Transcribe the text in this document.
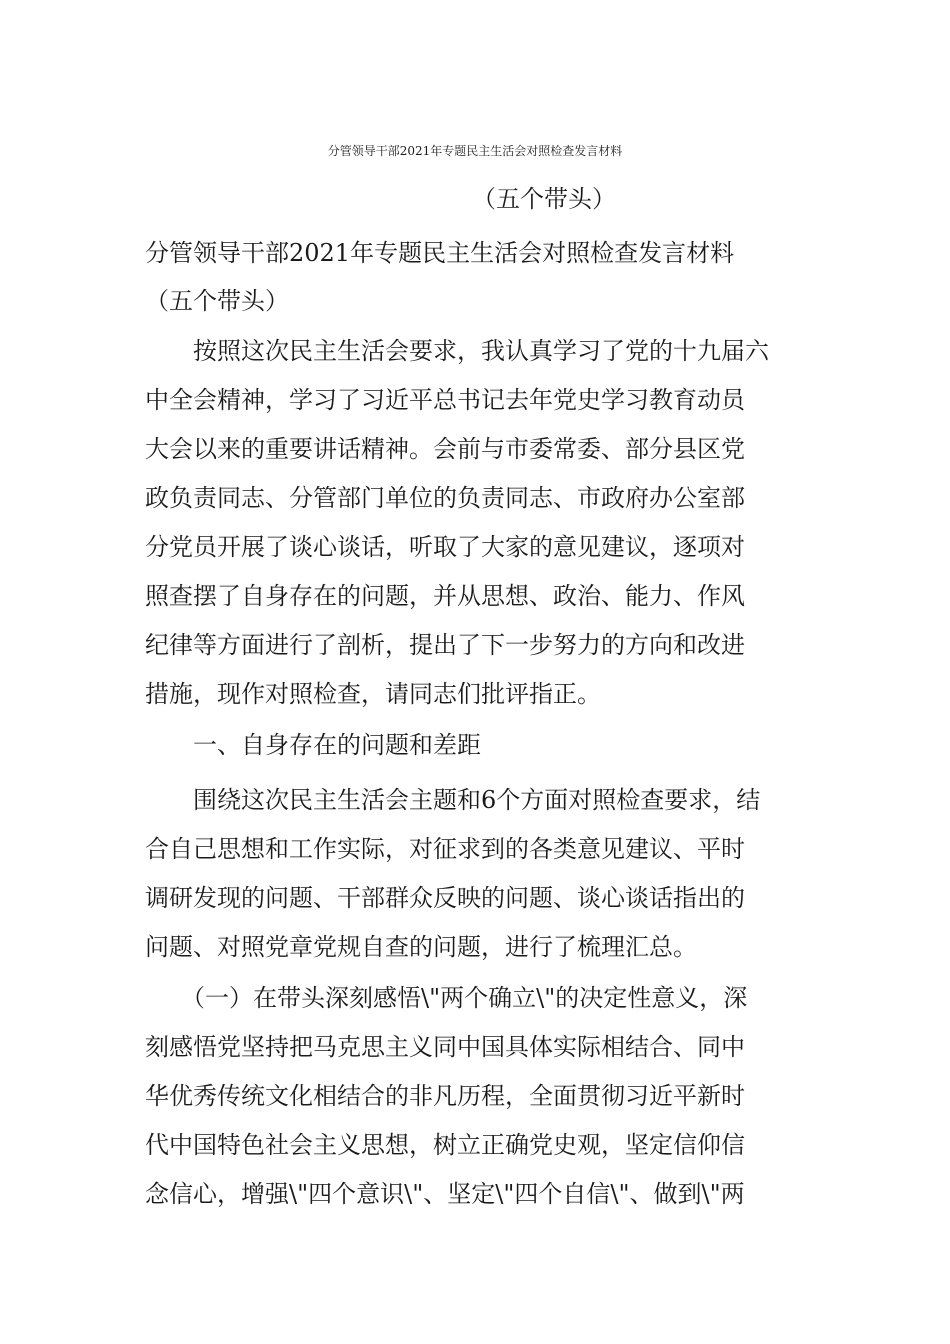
分管领导干部2021年专题民主生活会对照检查发言材料
（五个带头）
分管领导干部2021年专题民主生活会对照检查发言材料
（五个带头）
　　按照这次民主生活会要求，我认真学习了党的十九届六
中全会精神，学习了习近平总书记去年党史学习教育动员
大会以来的重要讲话精神。会前与市委常委、部分县区党
政负责同志、分管部门单位的负责同志、市政府办公室部
分党员开展了谈心谈话，听取了大家的意见建议，逐项对
照查摆了自身存在的问题，并从思想、政治、能力、作风
纪律等方面进行了剖析，提出了下一步努力的方向和改进
措施，现作对照检查，请同志们批评指正。
　　一、自身存在的问题和差距
　　围绕这次民主生活会主题和6个方面对照检查要求，结
合自己思想和工作实际，对征求到的各类意见建议、平时
调研发现的问题、干部群众反映的问题、谈心谈话指出的
问题、对照党章党规自查的问题，进行了梳理汇总。
　　（一）在带头深刻感悟\"两个确立\"的决定性意义，深
刻感悟党坚持把马克思主义同中国具体实际相结合、同中
华优秀传统文化相结合的非凡历程，全面贯彻习近平新时
代中国特色社会主义思想，树立正确党史观，坚定信仰信
念信心，增强\"四个意识\"、坚定\"四个自信\"、做到\"两
